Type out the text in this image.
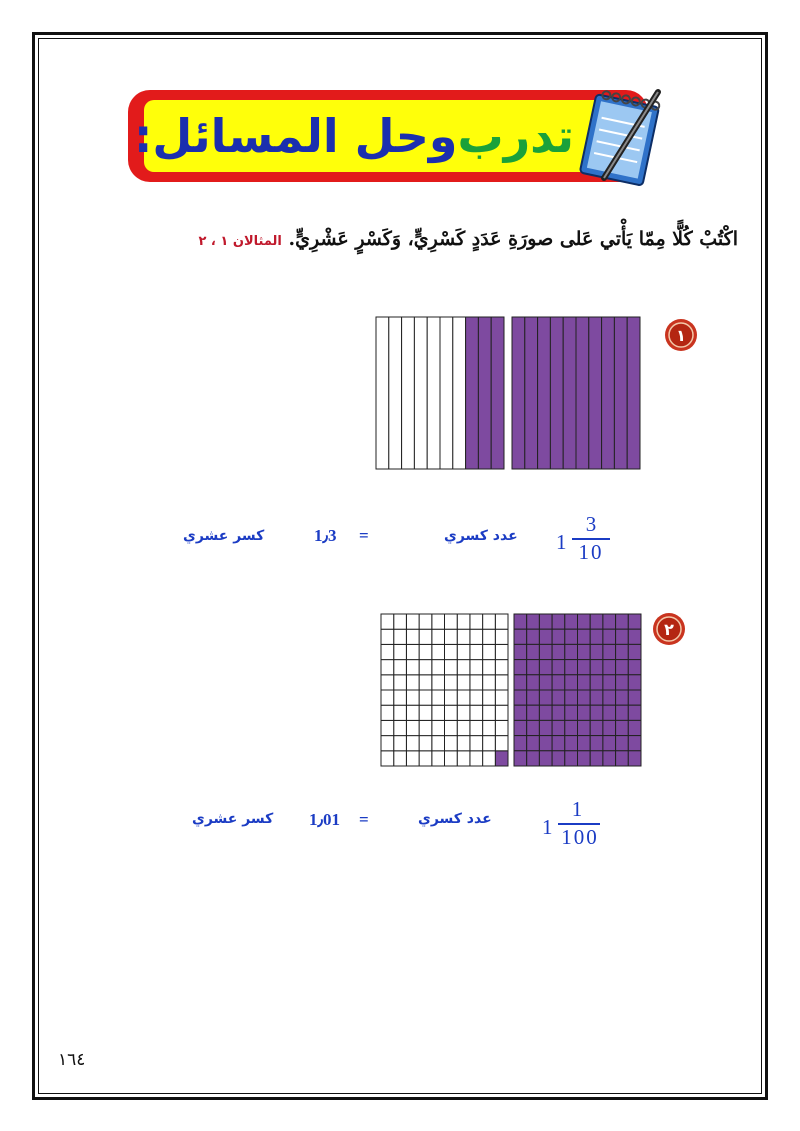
تدرب
وحل المسائل:
اكْتُبْ كُلًّا مِمّا يَأْتي عَلى صورَةِ عَدَدٍ كَسْرِيٍّ، وَكَسْرٍ عَشْرِيٍّ. المثالان ١ ، ٢
١
1
3
10
عدد كسري
=
1٫3
كسر عشري
٢
1
1
100
عدد كسري
=
1٫01
كسر عشري
١٦٤
